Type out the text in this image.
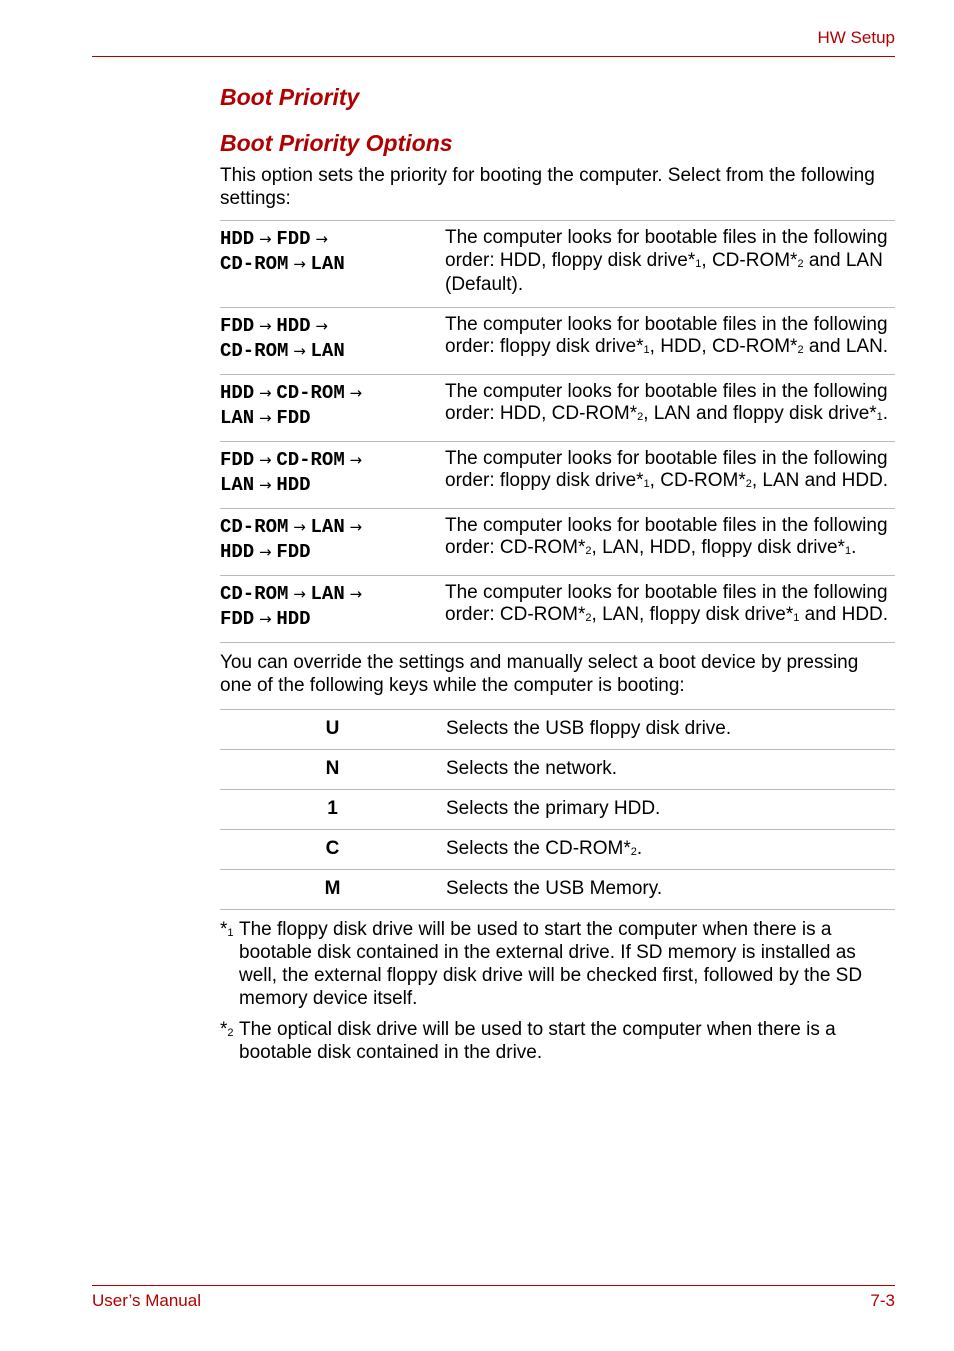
HW Setup
Boot Priority
Boot Priority Options

This option sets the priority for booting the computer. Select from the following settings:

HDD → FDD →
CD-ROM → LAN	The computer looks for bootable files in the following order: HDD, floppy disk drive*$^1$, CD-ROM*$^2$ and LAN (Default).

FDD → HDD →
CD-ROM → LAN	The computer looks for bootable files in the following order: floppy disk drive*$^1$, HDD, CD-ROM*$^2$ and LAN.

HDD → CD-ROM →
LAN → FDD	The computer looks for bootable files in the following order: HDD, CD-ROM*$^2$, LAN and floppy disk drive*$^1$.

FDD → CD-ROM →
LAN → HDD	The computer looks for bootable files in the following order: floppy disk drive*$^1$, CD-ROM*$^2$, LAN and HDD.

CD-ROM → LAN →
HDD → FDD	The computer looks for bootable files in the following order: CD-ROM*$^2$, LAN, HDD, floppy disk drive*$^1$.

CD-ROM → LAN →
FDD → HDD	The computer looks for bootable files in the following order: CD-ROM*$^2$, LAN, floppy disk drive*$^1$ and HDD.

You can override the settings and manually select a boot device by pressing one of the following keys while the computer is booting:

U	Selects the USB floppy disk drive.
N	Selects the network.
1	Selects the primary HDD.
C	Selects the CD-ROM*$^2$.
M	Selects the USB Memory.
*$^1$ The floppy disk drive will be used to start the computer when there is a bootable disk contained in the external drive. If SD memory is installed as well, the external floppy disk drive will be checked first, followed by the SD memory device itself.
*$^2$ The optical disk drive will be used to start the computer when there is a bootable disk contained in the drive.
User’s Manual	7-3
